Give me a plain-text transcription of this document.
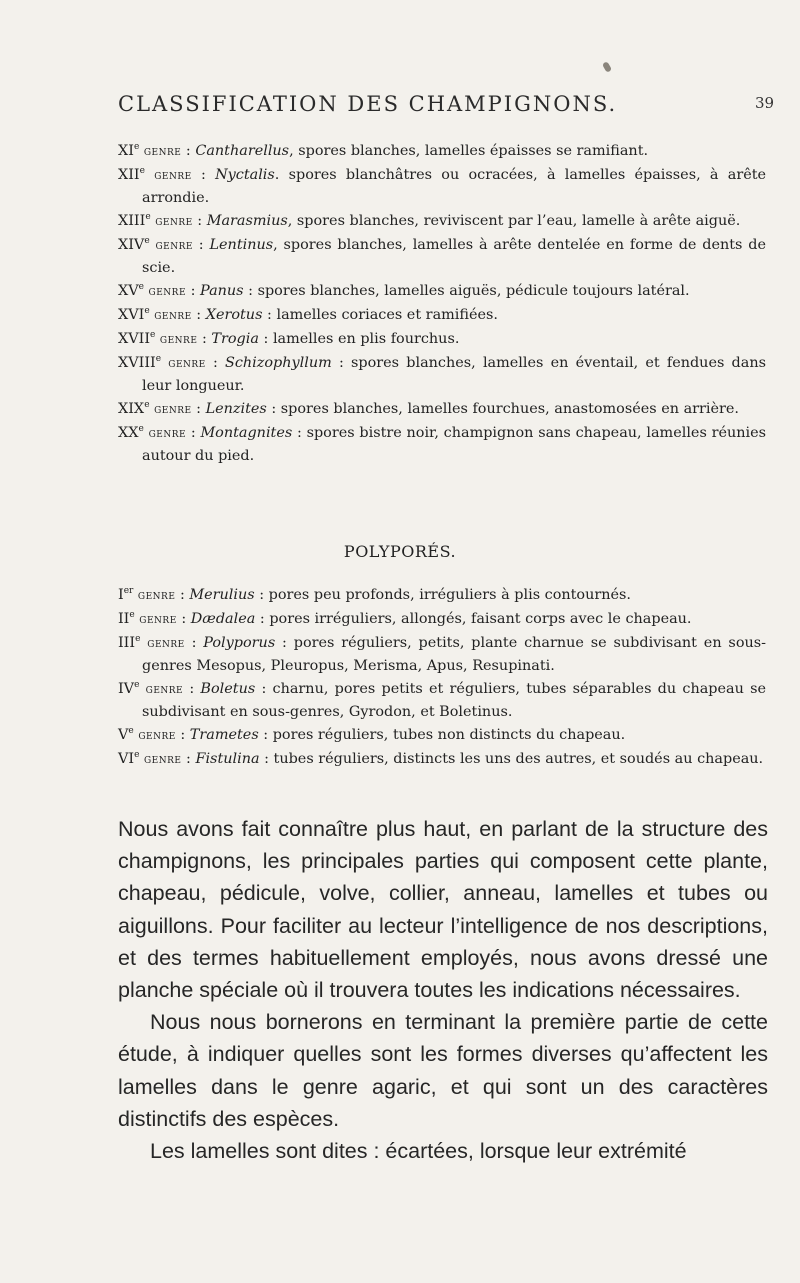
CLASSIFICATION DES CHAMPIGNONS.	39

XIe genre : Cantharellus, spores blanches, lamelles épaisses se ramifiant.

XIIe genre : Nyctalis. spores blanchâtres ou ocracées, à lamelles épaisses, à arête arrondie.

XIIIe genre : Marasmius, spores blanches, reviviscent par l’eau, lamelle à arête aiguë.

XIVe genre : Lentinus, spores blanches, lamelles à arête dentelée en forme de dents de scie.

XVe genre : Panus : spores blanches, lamelles aiguës, pédicule toujours latéral.

XVIe genre : Xerotus : lamelles coriaces et ramifiées.

XVIIe genre : Trogia : lamelles en plis fourchus.

XVIIIe genre : Schizophyllum : spores blanches, lamelles en éventail, et fendues dans leur longueur.

XIXe genre : Lenzites : spores blanches, lamelles fourchues, anastomosées en arrière.

XXe genre : Montagnites : spores bistre noir, champignon sans chapeau, lamelles réunies autour du pied.

POLYPORÉS.

Ier genre : Merulius : pores peu profonds, irréguliers à plis contournés.

IIe genre : Dædalea : pores irréguliers, allongés, faisant corps avec le chapeau.

IIIe genre : Polyporus : pores réguliers, petits, plante charnue se subdivisant en sous-genres Mesopus, Pleuropus, Merisma, Apus, Resupinati.

IVe genre : Boletus : charnu, pores petits et réguliers, tubes séparables du chapeau se subdivisant en sous-genres, Gyrodon, et Boletinus.

Ve genre : Trametes : pores réguliers, tubes non distincts du chapeau.

VIe genre : Fistulina : tubes réguliers, distincts les uns des autres, et soudés au chapeau.

Nous avons fait connaître plus haut, en parlant de la structure des champignons, les principales parties qui composent cette plante, chapeau, pédicule, volve, collier, anneau, lamelles et tubes ou aiguillons. Pour faciliter au lecteur l’intelligence de nos descriptions, et des termes habituellement employés, nous avons dressé une planche spéciale où il trouvera toutes les indications nécessaires.

Nous nous bornerons en terminant la première partie de cette étude, à indiquer quelles sont les formes diverses qu’affectent les lamelles dans le genre agaric, et qui sont un des caractères distinctifs des espèces.

Les lamelles sont dites : écartées, lorsque leur extrémité
